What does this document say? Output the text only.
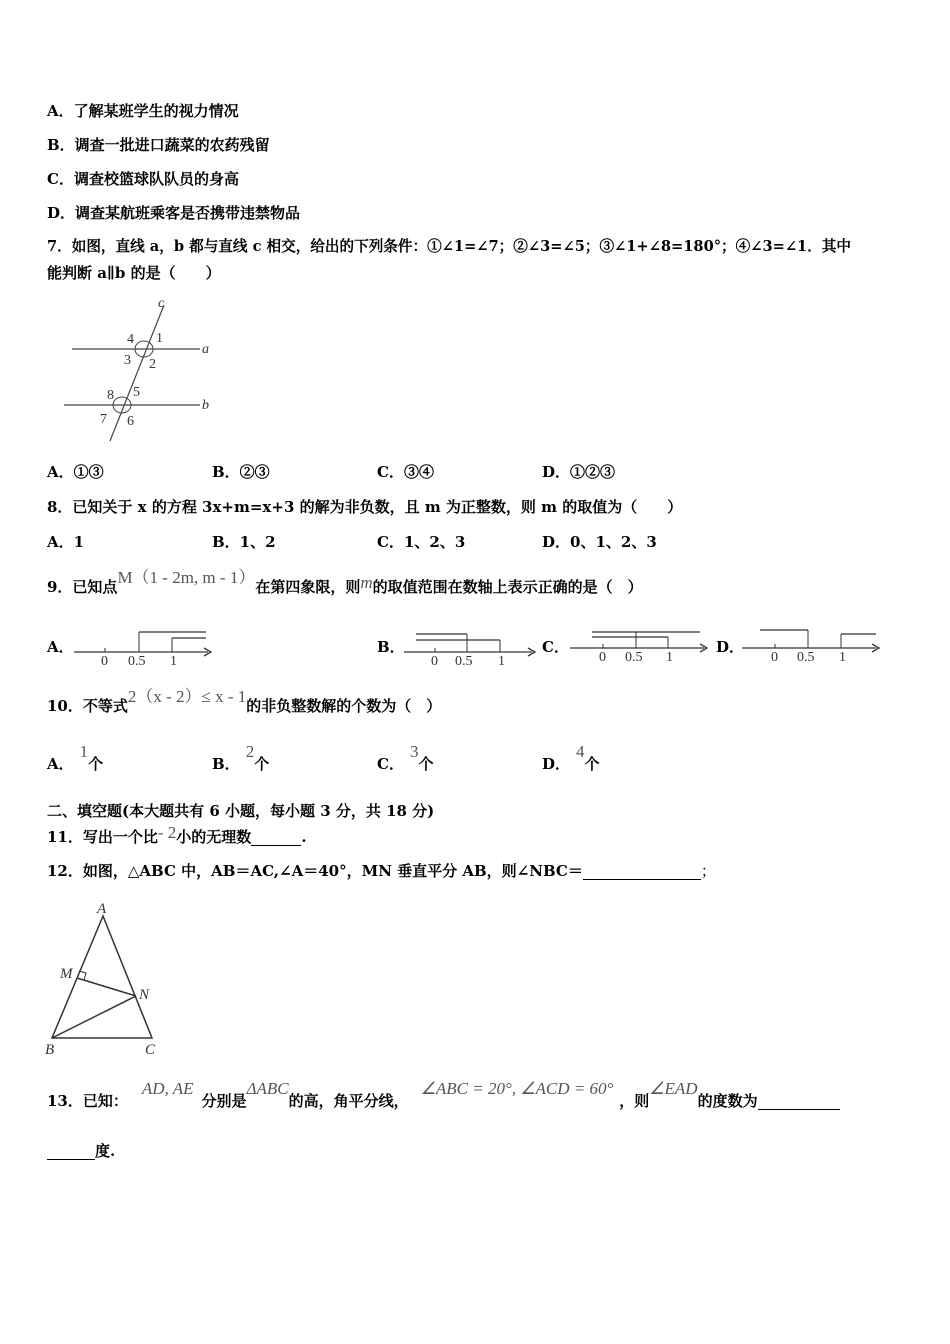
A．了解某班学生的视力情况
B．调查一批进口蔬菜的农药残留
C．调查校篮球队队员的身高
D．调查某航班乘客是否携带违禁物品
7．如图，直线 a，b 都与直线 c 相交，给出的下列条件：①∠1=∠7；②∠3=∠5；③∠1+∠8=180°；④∠3=∠1．其中
能判断 a∥b 的是（　　）
c
a
b
4 1
3 2
8 5
7 6
A．①③	B．②③	C．③④	D．①②③
8．已知关于 x 的方程 3x+m=x+3 的解为非负数，且 m 为正整数，则 m 的取值为（　　）
A．1	B．1、2	C．1、2、3	D．0、1、2、3
9．已知点M（1 - 2m, m - 1）在第四象限，则m的取值范围在数轴上表示正确的是（　）
A．
0 0.5 1
B．
0 0.5 1
C．
0 0.5 1
D．
0 0.5 1
10．不等式2（x - 2）≤ x - 1的非负整数解的个数为（　）
A．1个	B．2个	C．3个	D．4个
二、填空题(本大题共有 6 小题，每小题 3 分，共 18 分)
11．写出一个比- 2小的无理数	.
12．如图，△ABC 中，AB＝AC,∠A＝40°，MN 垂直平分 AB，则∠NBC＝	；
A
M
N
B	C
13．已知：AD, AE分别是ΔABC的高，角平分线，∠ABC = 20°, ∠ACD = 60°，则∠EAD的度数为
度.
